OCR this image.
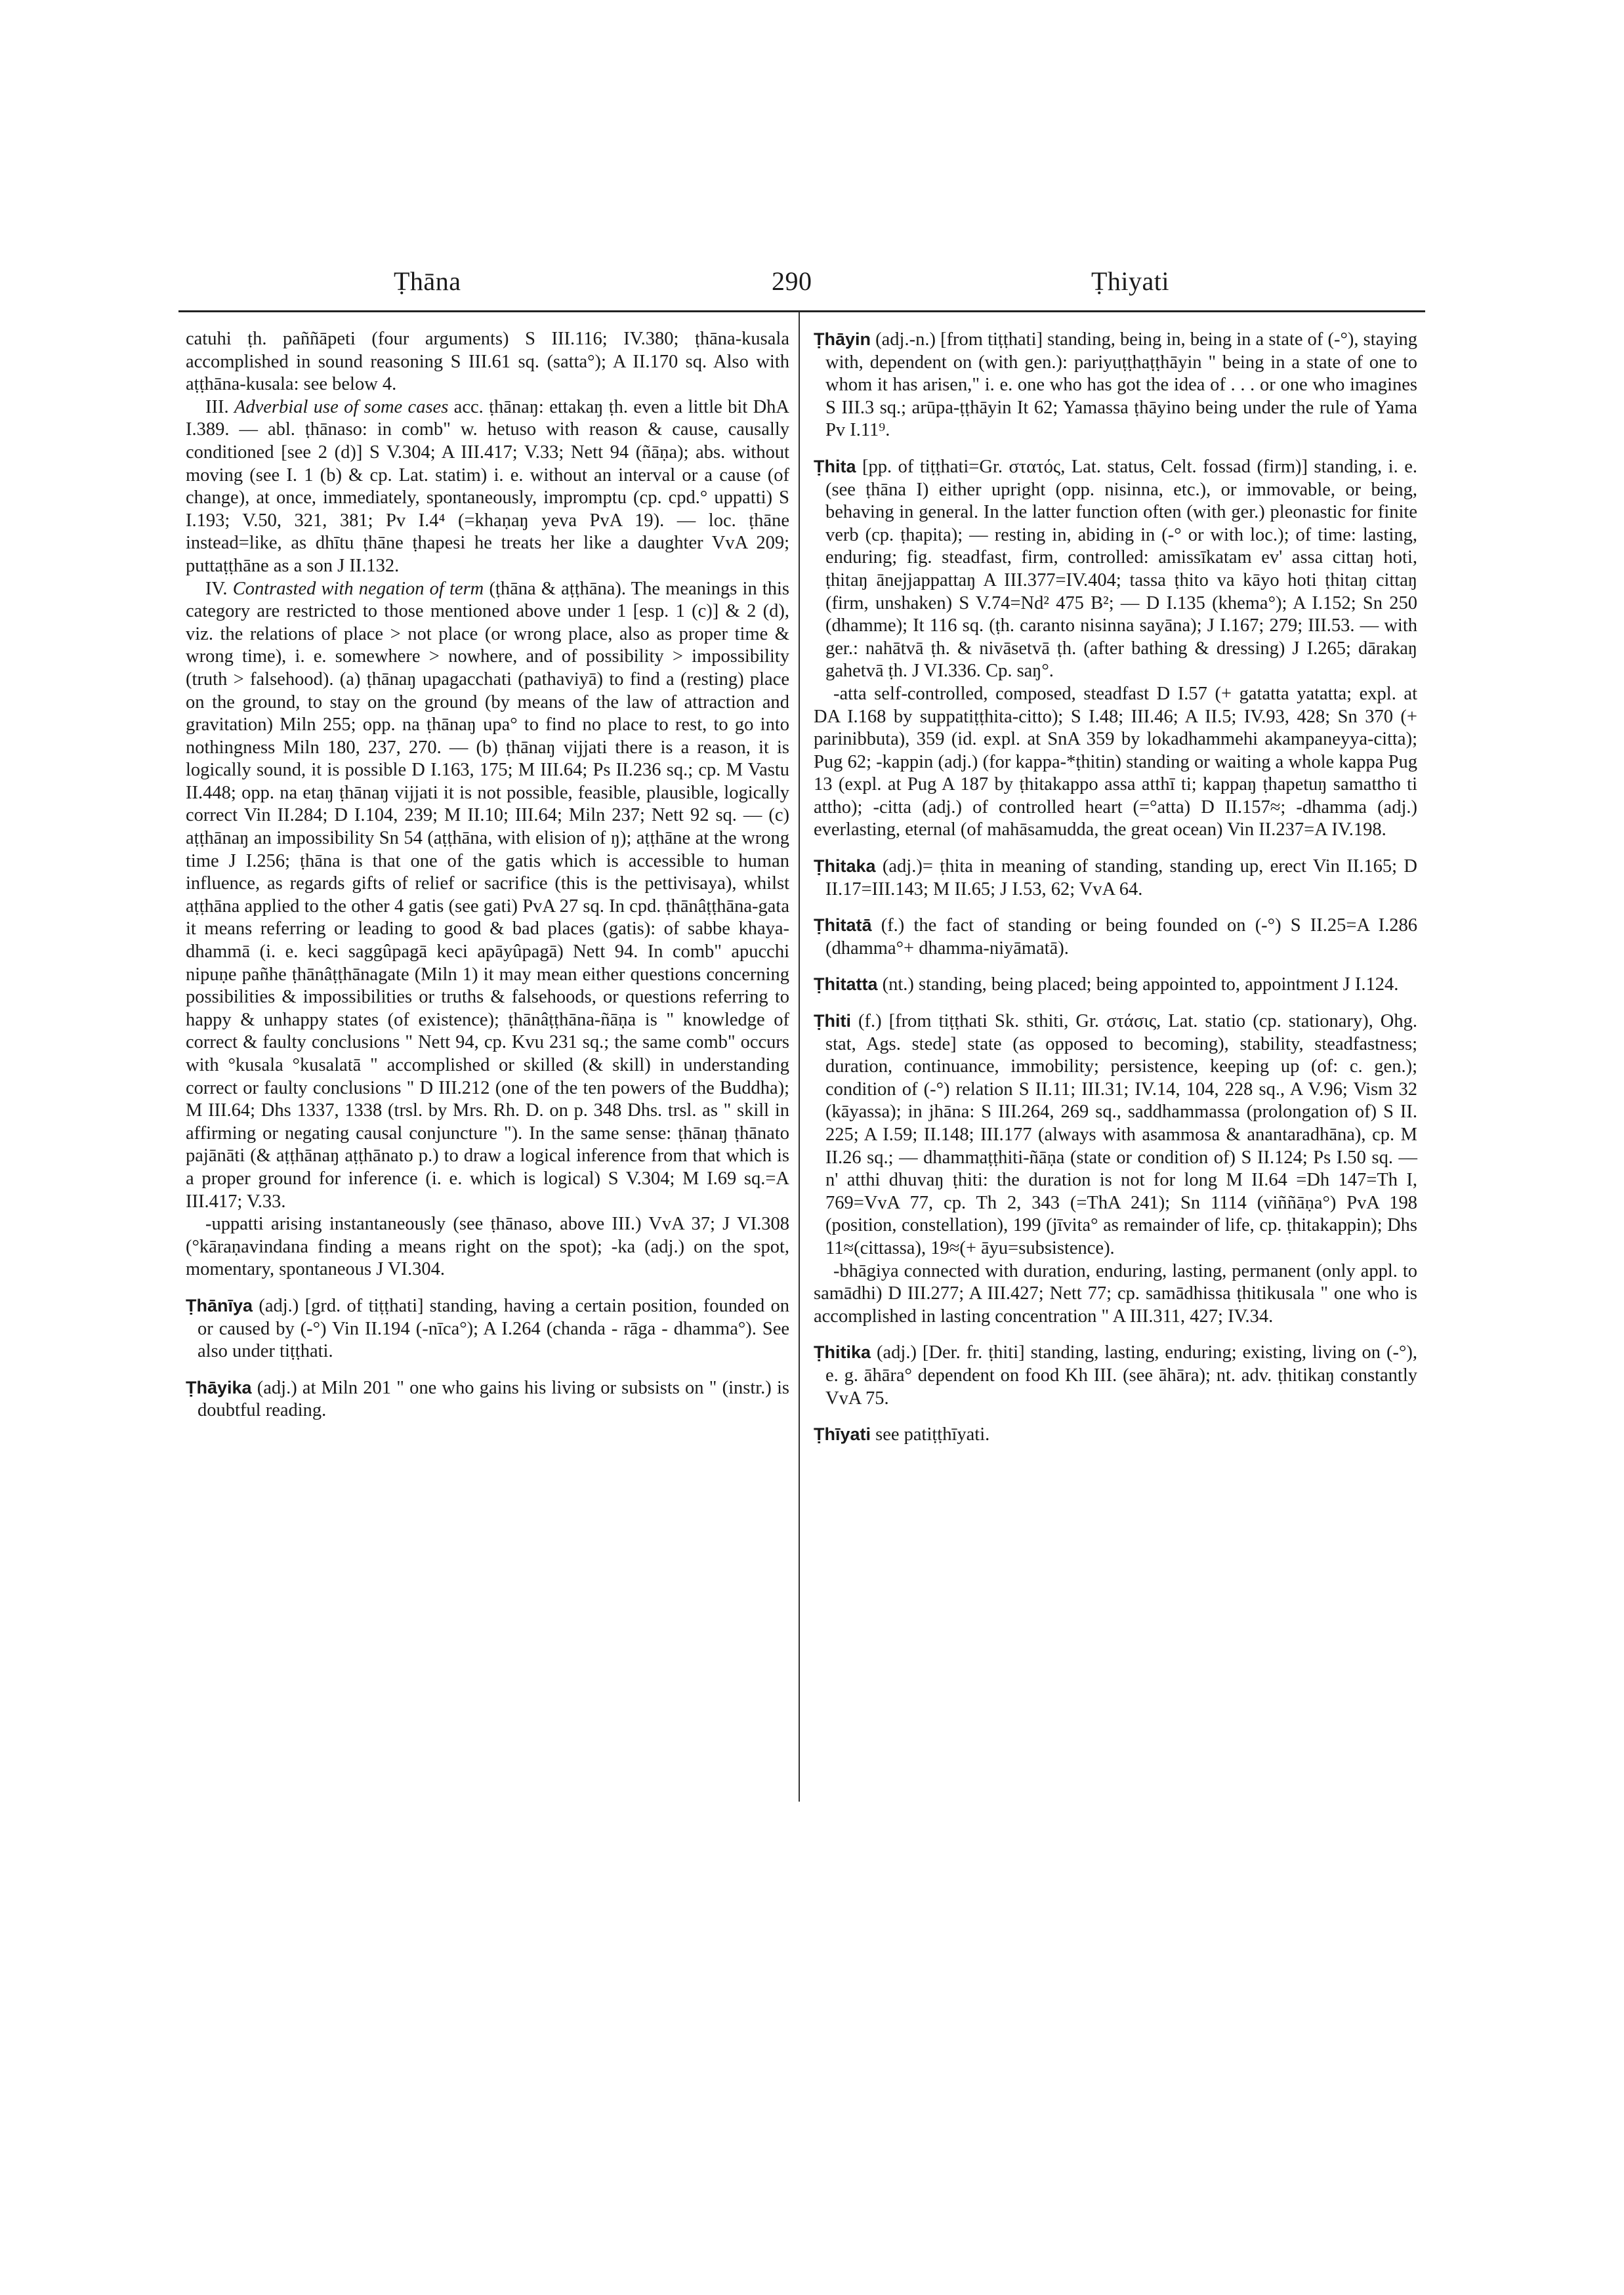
Ṭhāna	290	Ṭhiyati

catuhi ṭh. paññāpeti (four arguments) S III.116; IV.380; ṭhāna-kusala accomplished in sound reasoning S III.61 sq. (satta°); A II.170 sq. Also with aṭṭhāna-kusala: see below 4.

III. Adverbial use of some cases acc. ṭhānaŋ: ettakaŋ ṭh. even a little bit DhA I.389. — abl. ṭhānaso: in comb" w. hetuso with reason & cause, causally conditioned [see 2 (d)] S V.304; A III.417; V.33; Nett 94 (ñāṇa); abs. without moving (see I. 1 (b) & cp. Lat. statim) i. e. without an interval or a cause (of change), at once, immediately, spontaneously, impromptu (cp. cpd.° uppatti) S I.193; V.50, 321, 381; Pv I.4⁴ (=khaṇaŋ yeva PvA 19). — loc. ṭhāne instead=like, as dhītu ṭhāne ṭhapesi he treats her like a daughter VvA 209; puttaṭṭhāne as a son J II.132.

IV. Contrasted with negation of term (ṭhāna & aṭṭhāna). The meanings in this category are restricted to those mentioned above under 1 [esp. 1 (c)] & 2 (d), viz. the relations of place > not place (or wrong place, also as proper time & wrong time), i. e. somewhere > nowhere, and of possibility > impossibility (truth > falsehood). (a) ṭhānaŋ upagacchati (pathaviyā) to find a (resting) place on the ground, to stay on the ground (by means of the law of attraction and gravitation) Miln 255; opp. na ṭhānaŋ upa° to find no place to rest, to go into nothingness Miln 180, 237, 270. — (b) ṭhānaŋ vijjati there is a reason, it is logically sound, it is possible D I.163, 175; M III.64; Ps II.236 sq.; cp. M Vastu II.448; opp. na etaŋ ṭhānaŋ vijjati it is not possible, feasible, plausible, logically correct Vin II.284; D I.104, 239; M II.10; III.64; Miln 237; Nett 92 sq. — (c) aṭṭhānaŋ an impossibility Sn 54 (aṭṭhāna, with elision of ŋ); aṭṭhāne at the wrong time J I.256; ṭhāna is that one of the gatis which is accessible to human influence, as regards gifts of relief or sacrifice (this is the pettivisaya), whilst aṭṭhāna applied to the other 4 gatis (see gati) PvA 27 sq. In cpd. ṭhānâṭṭhāna-gata it means referring or leading to good & bad places (gatis): of sabbe khaya-dhammā (i. e. keci saggûpagā keci apāyûpagā) Nett 94. In comb" apucchi nipuṇe pañhe ṭhānâṭṭhānagate (Miln 1) it may mean either questions concerning possibilities & impossibilities or truths & falsehoods, or questions referring to happy & unhappy states (of existence); ṭhānâṭṭhāna-ñāṇa is " knowledge of correct & faulty conclusions " Nett 94, cp. Kvu 231 sq.; the same comb" occurs with °kusala °kusalatā " accomplished or skilled (& skill) in understanding correct or faulty conclusions " D III.212 (one of the ten powers of the Buddha); M III.64; Dhs 1337, 1338 (trsl. by Mrs. Rh. D. on p. 348 Dhs. trsl. as " skill in affirming or negating causal conjuncture "). In the same sense: ṭhānaŋ ṭhānato pajānāti (& aṭṭhānaŋ aṭṭhānato p.) to draw a logical inference from that which is a proper ground for inference (i. e. which is logical) S V.304; M I.69 sq.=A III.417; V.33.

-uppatti arising instantaneously (see ṭhānaso, above III.) VvA 37; J VI.308 (°kāraṇavindana finding a means right on the spot); -ka (adj.) on the spot, momentary, spontaneous J VI.304.

Ṭhānīya (adj.) [grd. of tiṭṭhati] standing, having a certain position, founded on or caused by (-°) Vin II.194 (-nīca°); A I.264 (chanda - rāga - dhamma°). See also under tiṭṭhati.

Ṭhāyika (adj.) at Miln 201 " one who gains his living or subsists on " (instr.) is doubtful reading.

Ṭhāyin (adj.-n.) [from tiṭṭhati] standing, being in, being in a state of (-°), staying with, dependent on (with gen.): pariyuṭṭhaṭṭhāyin " being in a state of one to whom it has arisen," i. e. one who has got the idea of . . . or one who imagines S III.3 sq.; arūpa-ṭṭhāyin It 62; Yamassa ṭhāyino being under the rule of Yama Pv I.11⁹.

Ṭhita [pp. of tiṭṭhati=Gr. στατός, Lat. status, Celt. fossad (firm)] standing, i. e. (see ṭhāna I) either upright (opp. nisinna, etc.), or immovable, or being, behaving in general. In the latter function often (with ger.) pleonastic for finite verb (cp. ṭhapita); — resting in, abiding in (-° or with loc.); of time: lasting, enduring; fig. steadfast, firm, controlled: amissīkatam ev' assa cittaŋ hoti, ṭhitaŋ ānejjappattaŋ A III.377=IV.404; tassa ṭhito va kāyo hoti ṭhitaŋ cittaŋ (firm, unshaken) S V.74=Nd² 475 B²; — D I.135 (khema°); A I.152; Sn 250 (dhamme); It 116 sq. (ṭh. caranto nisinna sayāna); J I.167; 279; III.53. — with ger.: nahātvā ṭh. & nivāsetvā ṭh. (after bathing & dressing) J I.265; dārakaŋ gahetvā ṭh. J VI.336. Cp. saŋ°.

-atta self-controlled, composed, steadfast D I.57 (+ gatatta yatatta; expl. at DA I.168 by suppatiṭṭhita-citto); S I.48; III.46; A II.5; IV.93, 428; Sn 370 (+ parinibbuta), 359 (id. expl. at SnA 359 by lokadhammehi akampaneyya-citta); Pug 62; -kappin (adj.) (for kappa-*ṭhitin) standing or waiting a whole kappa Pug 13 (expl. at Pug A 187 by ṭhitakappo assa atthī ti; kappaŋ ṭhapetuŋ samattho ti attho); -citta (adj.) of controlled heart (=°atta) D II.157≈; -dhamma (adj.) everlasting, eternal (of mahāsamudda, the great ocean) Vin II.237=A IV.198.

Ṭhitaka (adj.)= ṭhita in meaning of standing, standing up, erect Vin II.165; D II.17=III.143; M II.65; J I.53, 62; VvA 64.

Ṭhitatā (f.) the fact of standing or being founded on (-°) S II.25=A I.286 (dhamma°+ dhamma-niyāmatā).

Ṭhitatta (nt.) standing, being placed; being appointed to, appointment J I.124.

Ṭhiti (f.) [from tiṭṭhati Sk. sthiti, Gr. στάσις, Lat. statio (cp. stationary), Ohg. stat, Ags. stede] state (as opposed to becoming), stability, steadfastness; duration, continuance, immobility; persistence, keeping up (of: c. gen.); condition of (-°) relation S II.11; III.31; IV.14, 104, 228 sq., A V.96; Vism 32 (kāyassa); in jhāna: S III.264, 269 sq., saddhammassa (prolongation of) S II. 225; A I.59; II.148; III.177 (always with asammosa & anantaradhāna), cp. M II.26 sq.; — dhammaṭṭhiti-ñāṇa (state or condition of) S II.124; Ps I.50 sq. — n' atthi dhuvaŋ ṭhiti: the duration is not for long M II.64 =Dh 147=Th I, 769=VvA 77, cp. Th 2, 343 (=ThA 241); Sn 1114 (viññāṇa°) PvA 198 (position, constellation), 199 (jīvita° as remainder of life, cp. ṭhitakappin); Dhs 11≈(cittassa), 19≈(+ āyu=subsistence).

-bhāgiya connected with duration, enduring, lasting, permanent (only appl. to samādhi) D III.277; A III.427; Nett 77; cp. samādhissa ṭhitikusala " one who is accomplished in lasting concentration " A III.311, 427; IV.34.

Ṭhitika (adj.) [Der. fr. ṭhiti] standing, lasting, enduring; existing, living on (-°), e. g. āhāra° dependent on food Kh III. (see āhāra); nt. adv. ṭhitikaŋ constantly VvA 75.

Ṭhīyati see patiṭṭhīyati.
